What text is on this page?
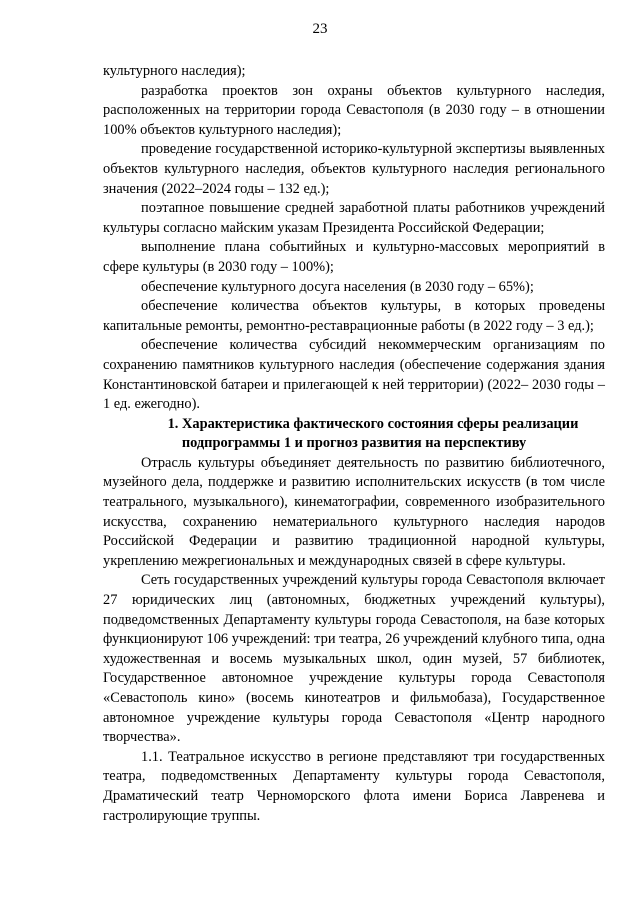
23

культурного наследия);

разработка проектов зон охраны объектов культурного наследия, расположенных на территории города Севастополя (в 2030 году – в отношении 100% объектов культурного наследия);

проведение государственной историко-культурной экспертизы выявленных объектов культурного наследия, объектов культурного наследия регионального значения (2022–2024 годы – 132 ед.);

поэтапное повышение средней заработной платы работников учреждений культуры согласно майским указам Президента Российской Федерации;

выполнение плана событийных и культурно-массовых мероприятий в сфере культуры (в 2030 году – 100%);

обеспечение культурного досуга населения (в 2030 году – 65%);

обеспечение количества объектов культуры, в которых проведены капитальные ремонты, ремонтно-реставрационные работы (в 2022 году – 3 ед.);

обеспечение количества субсидий некоммерческим организациям по сохранению памятников культурного наследия (обеспечение содержания здания Константиновской батареи и прилегающей к ней территории) (2022– 2030 годы – 1 ед. ежегодно).

1. Характеристика фактического состояния сферы реализации подпрограммы 1 и прогноз развития на перспективу

Отрасль культуры объединяет деятельность по развитию библиотечного, музейного дела, поддержке и развитию исполнительских искусств (в том числе театрального, музыкального), кинематографии, современного изобразительного искусства, сохранению нематериального культурного наследия народов Российской Федерации и развитию традиционной народной культуры, укреплению межрегиональных и международных связей в сфере культуры.

Сеть государственных учреждений культуры города Севастополя включает 27 юридических лиц (автономных, бюджетных учреждений культуры), подведомственных Департаменту культуры города Севастополя, на базе которых функционируют 106 учреждений: три театра, 26 учреждений клубного типа, одна художественная и восемь музыкальных школ, один музей, 57 библиотек, Государственное автономное учреждение культуры города Севастополя «Севастополь кино» (восемь кинотеатров и фильмобаза), Государственное автономное учреждение культуры города Севастополя «Центр народного творчества».

1.1. Театральное искусство в регионе представляют три государственных театра, подведомственных Департаменту культуры города Севастополя, Драматический театр Черноморского флота имени Бориса Лавренева и гастролирующие труппы.
